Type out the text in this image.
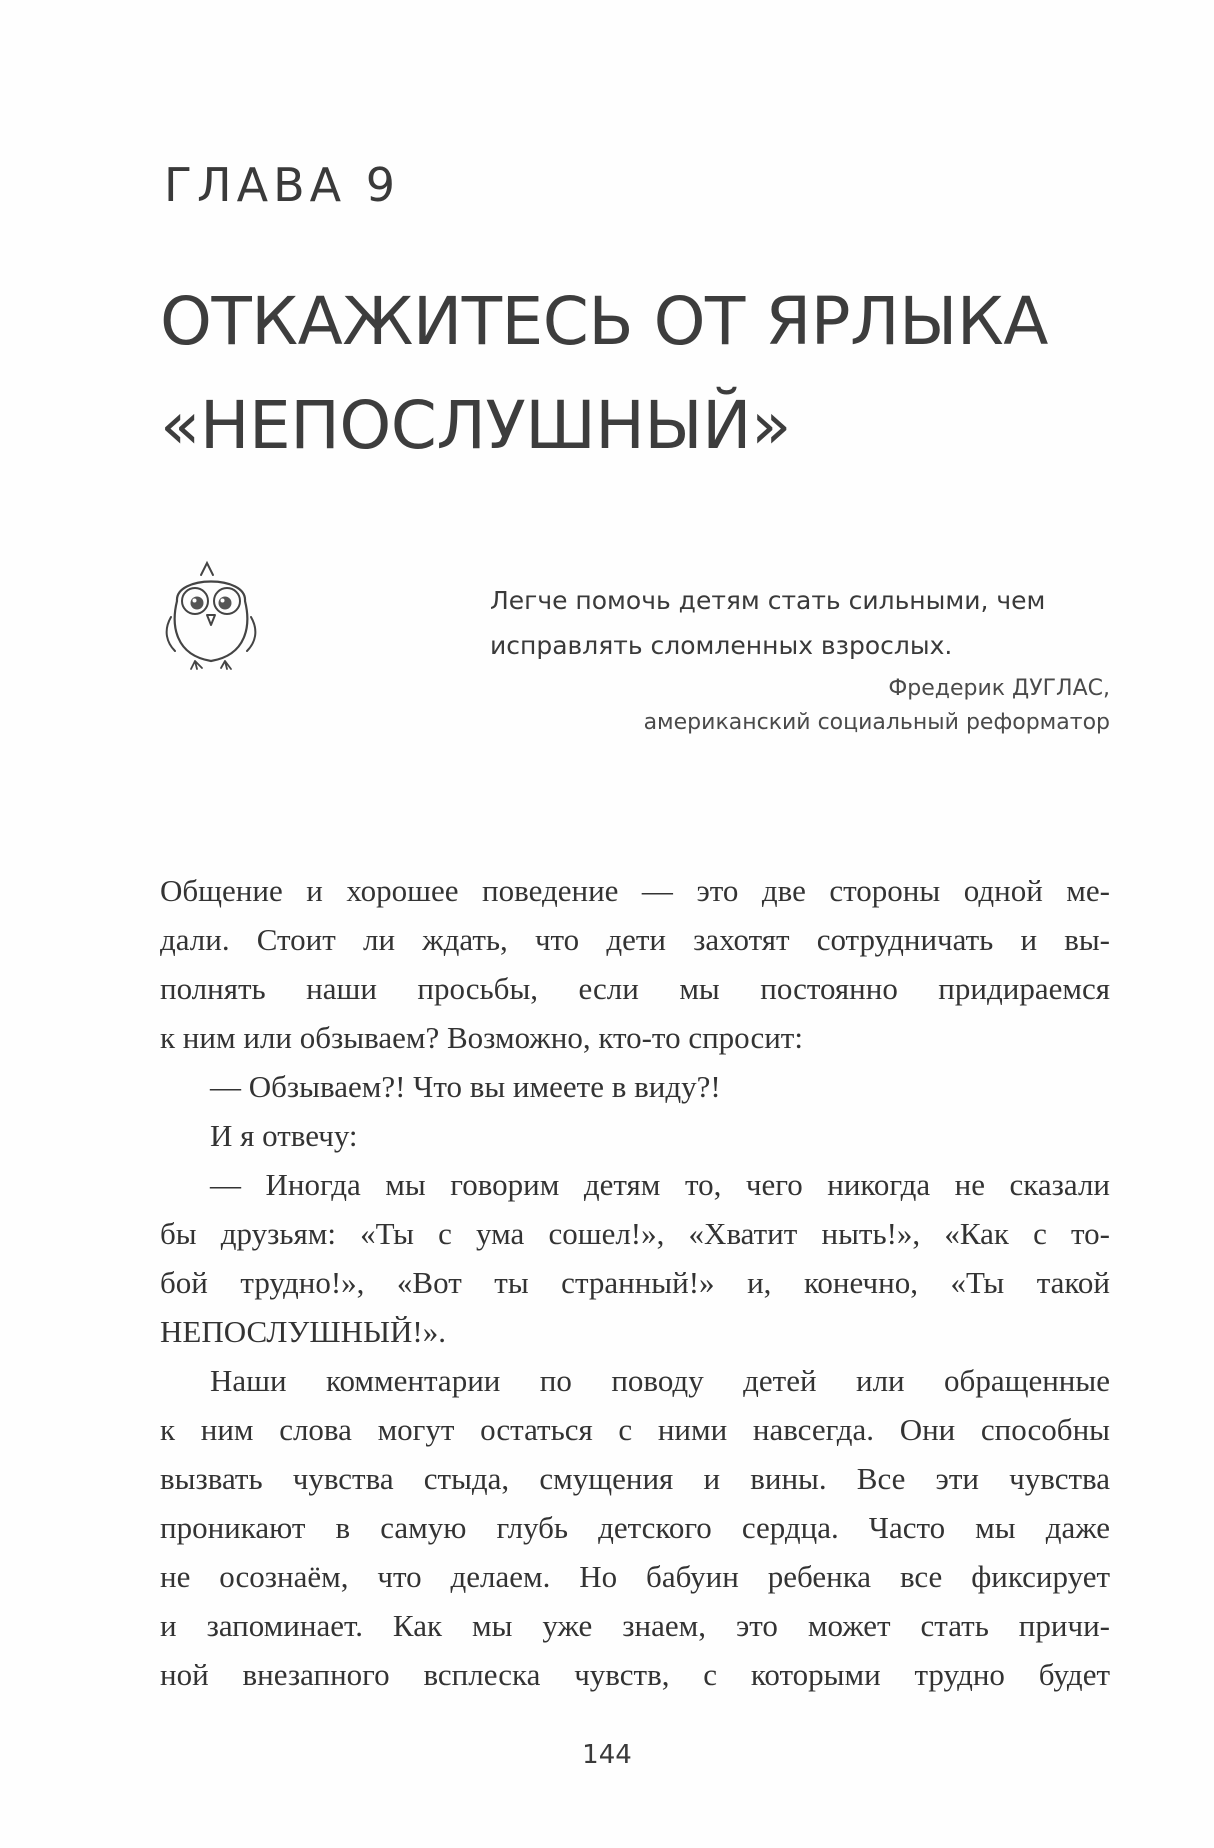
ГЛАВА 9
ОТКАЖИТЕСЬ ОТ ЯРЛЫКА
«НЕПОСЛУШНЫЙ»

Легче помочь детям стать сильными, чем

исправлять сломленных взрослых.

Фредерик ДУГЛАС,

американский социальный реформатор

Общение и хорошее поведение — это две стороны одной ме-
дали. Стоит ли ждать, что дети захотят сотрудничать и вы-
полнять наши просьбы, если мы постоянно придираемся
к ним или обзываем? Возможно, кто-то спросит:
— Обзываем?! Что вы имеете в виду?!
И я отвечу:
— Иногда мы говорим детям то, чего никогда не сказали
бы друзьям: «Ты с ума сошел!», «Хватит ныть!», «Как с то-
бой трудно!», «Вот ты странный!» и, конечно, «Ты такой
НЕПОСЛУШНЫЙ!».
Наши комментарии по поводу детей или обращенные
к ним слова могут остаться с ними навсегда. Они способны
вызвать чувства стыда, смущения и вины. Все эти чувства
проникают в самую глубь детского сердца. Часто мы даже
не осознаём, что делаем. Но бабуин ребенка все фиксирует
и запоминает. Как мы уже знаем, это может стать причи-
ной внезапного всплеска чувств, с которыми трудно будет
144
